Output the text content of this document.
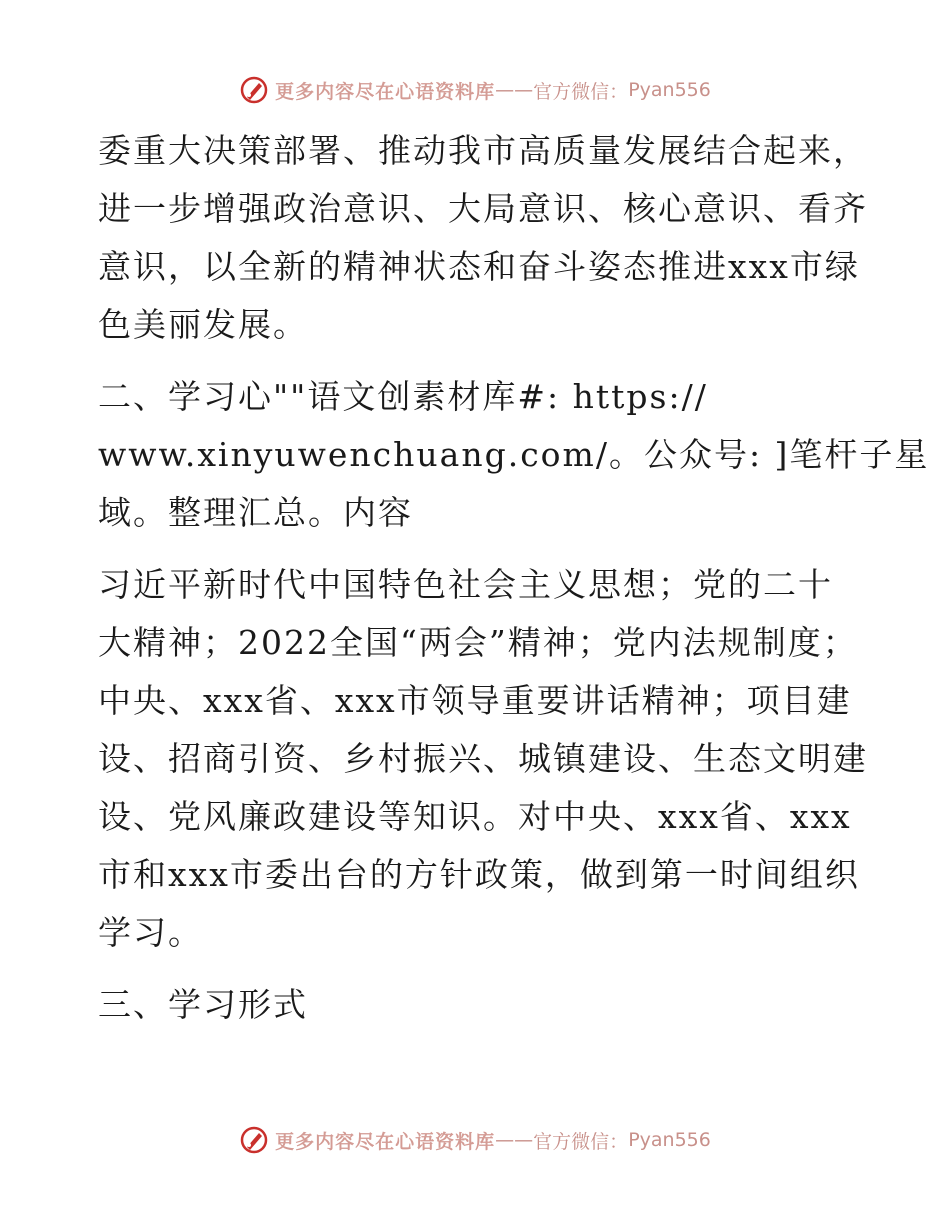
更多内容尽在心语资料库 —— 官方微信： Pyan556
委重大决策部署、推动我市高质量发展结合起来，
进一步增强政治意识、大局意识、核心意识、看齐
意识，以全新的精神状态和奋斗姿态推进xxx市绿
色美丽发展。
二、学习心""语文创素材库#: https://
www.xinyuwenchuang.com/。公众号: ]笔杆子星
域。整理汇总。内容
习近平新时代中国特色社会主义思想；党的二十
大精神；2022全国“两会”精神；党内法规制度；
中央、xxx省、xxx市领导重要讲话精神；项目建
设、招商引资、乡村振兴、城镇建设、生态文明建
设、党风廉政建设等知识。对中央、xxx省、xxx
市和xxx市委出台的方针政策，做到第一时间组织
学习。
三、学习形式
更多内容尽在心语资料库 —— 官方微信： Pyan556
